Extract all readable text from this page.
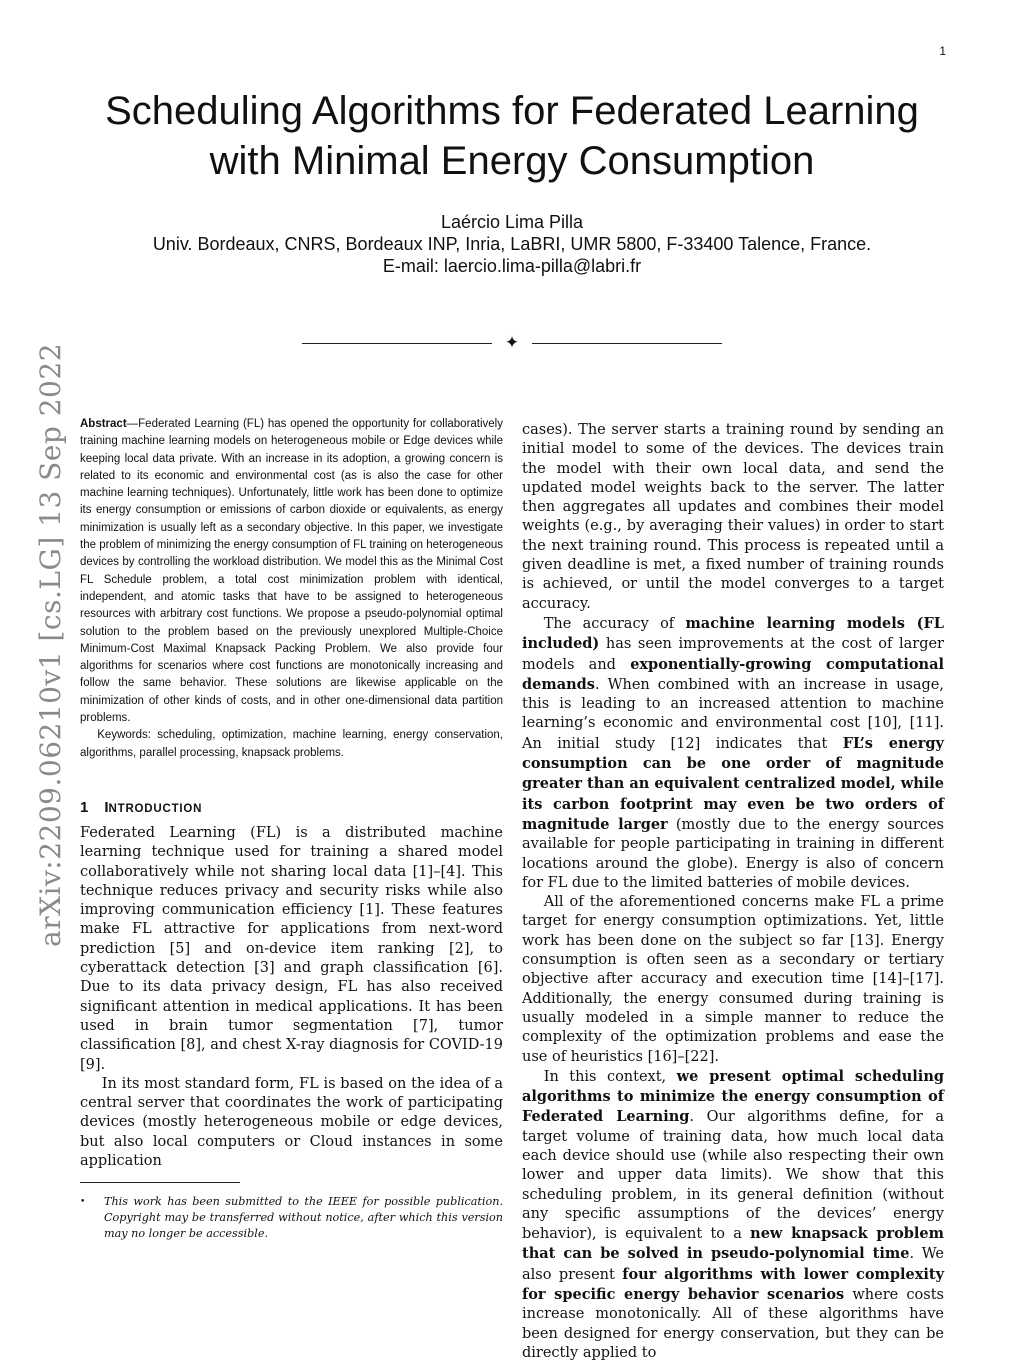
1
Scheduling Algorithms for Federated Learning
with Minimal Energy Consumption
Laércio Lima Pilla
Univ. Bordeaux, CNRS, Bordeaux INP, Inria, LaBRI, UMR 5800, F-33400 Talence, France.
E-mail: laercio.lima-pilla@labri.fr
✦
arXiv:2209.06210v1 [cs.LG] 13 Sep 2022 Abstract—Federated Learning (FL) has opened the opportunity for collaboratively training machine learning models on heterogeneous mobile or Edge devices while keeping local data private. With an increase in its adoption, a growing concern is related to its economic and environmental cost (as is also the case for other machine learning techniques). Unfortunately, little work has been done to optimize its energy consumption or emissions of carbon dioxide or equivalents, as energy minimization is usually left as a secondary objective. In this paper, we investigate the problem of minimizing the energy consumption of FL training on heterogeneous devices by controlling the workload distribution. We model this as the Minimal Cost FL Schedule problem, a total cost minimization problem with identical, independent, and atomic tasks that have to be assigned to heterogeneous resources with arbitrary cost functions. We propose a pseudo-polynomial optimal solution to the problem based on the previously unexplored Multiple-Choice Minimum-Cost Maximal Knapsack Packing Problem. We also provide four algorithms for scenarios where cost functions are monotonically increasing and follow the same behavior. These solutions are likewise applicable on the minimization of other kinds of costs, and in other one-dimensional data partition problems.

Keywords: scheduling, optimization, machine learning, energy conservation, algorithms, parallel processing, knapsack problems.

1 INTRODUCTION

Federated Learning (FL) is a distributed machine learning technique used for training a shared model collaboratively while not sharing local data [1]–[4]. This technique reduces privacy and security risks while also improving communication efficiency [1]. These features make FL attractive for applications from next-word prediction [5] and on-device item ranking [2], to cyberattack detection [3] and graph classification [6]. Due to its data privacy design, FL has also received significant attention in medical applications. It has been used in brain tumor segmentation [7], tumor classification [8], and chest X-ray diagnosis for COVID-19 [9].

In its most standard form, FL is based on the idea of a central server that coordinates the work of participating devices (mostly heterogeneous mobile or edge devices, but also local computers or Cloud instances in some application

cases). The server starts a training round by sending an initial model to some of the devices. The devices train the model with their own local data, and send the updated model weights back to the server. The latter then aggregates all updates and combines their model weights (e.g., by averaging their values) in order to start the next training round. This process is repeated until a given deadline is met, a fixed number of training rounds is achieved, or until the model converges to a target accuracy.

The accuracy of machine learning models (FL included) has seen improvements at the cost of larger models and exponentially-growing computational demands. When combined with an increase in usage, this is leading to an increased attention to machine learning’s economic and environmental cost [10], [11]. An initial study [12] indicates that FL’s energy consumption can be one order of magnitude greater than an equivalent centralized model, while its carbon footprint may even be two orders of magnitude larger (mostly due to the energy sources available for people participating in training in different locations around the globe). Energy is also of concern for FL due to the limited batteries of mobile devices.

All of the aforementioned concerns make FL a prime target for energy consumption optimizations. Yet, little work has been done on the subject so far [13]. Energy consumption is often seen as a secondary or tertiary objective after accuracy and execution time [14]–[17]. Additionally, the energy consumed during training is usually modeled in a simple manner to reduce the complexity of the optimization problems and ease the use of heuristics [16]–[22].

In this context, we present optimal scheduling algorithms to minimize the energy consumption of Federated Learning. Our algorithms define, for a target volume of training data, how much local data each device should use (while also respecting their own lower and upper data limits). We show that this scheduling problem, in its general definition (without any specific assumptions of the devices’ energy behavior), is equivalent to a new knapsack problem that can be solved in pseudo-polynomial time. We also present four algorithms with lower complexity for specific energy behavior scenarios where costs increase monotonically. All of these algorithms have been designed for energy conservation, but they can be directly applied to

• This work has been submitted to the IEEE for possible publication. Copyright may be transferred without notice, after which this version may no longer be accessible.
